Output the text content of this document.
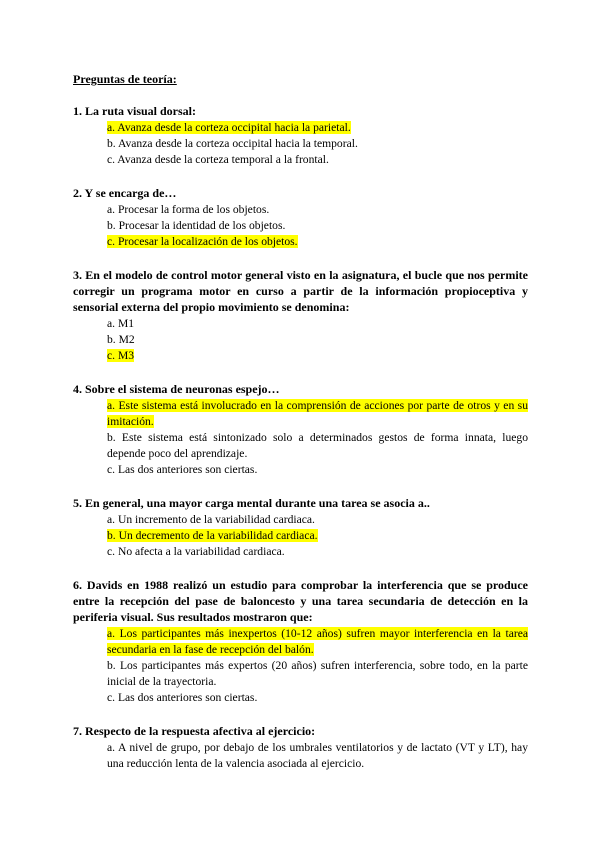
Preguntas de teoría:
1. La ruta visual dorsal:
a. Avanza desde la corteza occipital hacia la parietal.
b. Avanza desde la corteza occipital hacia la temporal.
c. Avanza desde la corteza temporal a la frontal.
2. Y se encarga de…
a. Procesar la forma de los objetos.
b. Procesar la identidad de los objetos.
c. Procesar la localización de los objetos.
3. En el modelo de control motor general visto en la asignatura, el bucle que nos permite corregir un programa motor en curso a partir de la información propioceptiva y sensorial externa del propio movimiento se denomina:
a. M1
b. M2
c. M3
4. Sobre el sistema de neuronas espejo…
a. Este sistema está involucrado en la comprensión de acciones por parte de otros y en su imitación.
b. Este sistema está sintonizado solo a determinados gestos de forma innata, luego depende poco del aprendizaje.
c. Las dos anteriores son ciertas.
5. En general, una mayor carga mental durante una tarea se asocia a..
a. Un incremento de la variabilidad cardiaca.
b. Un decremento de la variabilidad cardiaca.
c. No afecta a la variabilidad cardiaca.
6. Davids en 1988 realizó un estudio para comprobar la interferencia que se produce entre la recepción del pase de baloncesto y una tarea secundaria de detección en la periferia visual. Sus resultados mostraron que:
a. Los participantes más inexpertos (10-12 años) sufren mayor interferencia en la tarea secundaria en la fase de recepción del balón.
b. Los participantes más expertos (20 años) sufren interferencia, sobre todo, en la parte inicial de la trayectoria.
c. Las dos anteriores son ciertas.
7. Respecto de la respuesta afectiva al ejercicio:
a. A nivel de grupo, por debajo de los umbrales ventilatorios y de lactato (VT y LT), hay una reducción lenta de la valencia asociada al ejercicio.
